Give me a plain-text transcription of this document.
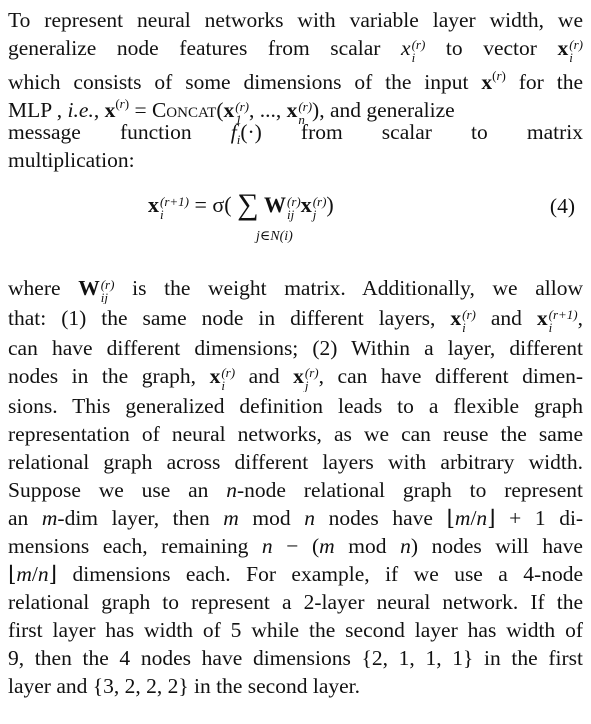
To represent neural networks with variable layer width, we
generalize node features from scalar x (r)
i	to vector x (r)
i
which consists of some dimensions of the input $x^{(r)}$ for the
MLP , i.e., $x^{(r)}$ = Concat(x (r)
1 , ..., x (r)
n ), and generalize
message function $f_i(\cdot)$ from scalar to matrix
multiplication:
x (r+1)
i	= σ( ∑ W (r)
ij x (r)
j )
j∈N(i)
(4)
where W (r)
ij	is the weight matrix. Additionally, we allow
that: (1) the same node in different layers, x (r)
i	and x (r+1)
i	,
can have different dimensions; (2) Within a layer, different
nodes in the graph, x (r)
i	and x (r)
j , can have different dimen-
sions. This generalized definition leads to a flexible graph
representation of neural networks, as we can reuse the same
relational graph across different layers with arbitrary width.
Suppose we use an n-node relational graph to represent
an m-dim layer, then m mod n nodes have ⌊m/n⌋ + 1 di-
mensions each, remaining n − (m mod n) nodes will have
⌊m/n⌋ dimensions each. For example, if we use a 4-node
relational graph to represent a 2-layer neural network. If the
first layer has width of 5 while the second layer has width of
9, then the 4 nodes have dimensions {2, 1, 1, 1} in the first
layer and {3, 2, 2, 2} in the second layer.
